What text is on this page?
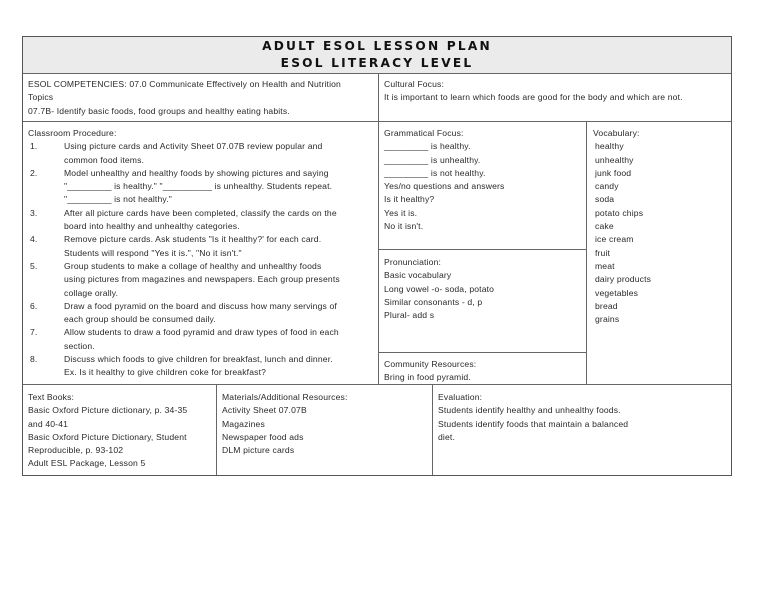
ADULT ESOL LESSON PLAN
ESOL LITERACY LEVEL
ESOL COMPETENCIES: 07.0 Communicate Effectively on Health and Nutrition
Topics
07.7B- Identify basic foods, food groups and healthy eating habits.
Cultural Focus:
It is important to learn which foods are good for the body and which are not.
Classroom Procedure:
1.	Using picture cards and Activity Sheet 07.07B review popular and
common food items.
2.	Model unhealthy and healthy foods by showing pictures and saying
"_________ is healthy." "__________ is unhealthy. Students repeat.
"_________ is not healthy."
3.	After all picture cards have been completed, classify the cards on the
board into healthy and unhealthy categories.
4.	Remove picture cards. Ask students "Is it healthy?' for each card.
Students will respond "Yes it is.", "No it isn't."
5.	Group students to make a collage of healthy and unhealthy foods
using pictures from magazines and newspapers. Each group presents
collage orally.
6.	Draw a food pyramid on the board and discuss how many servings of
each group should be consumed daily.
7.	Allow students to draw a food pyramid and draw types of food in each
section.
8.	Discuss which foods to give children for breakfast, lunch and dinner.
Ex. Is it healthy to give children coke for breakfast?
Grammatical Focus:
_________ is healthy.
_________ is unhealthy.
_________ is not healthy.
Yes/no questions and answers
Is it healthy?
Yes it is.
No it isn't.
Pronunciation:
Basic vocabulary
Long vowel -o- soda, potato
Similar consonants - d, p
Plural- add s
Community Resources:
Bring in food pyramid.
Vocabulary:
healthy
unhealthy
junk food
candy
soda
potato chips
cake
ice cream
fruit
meat
dairy products
vegetables
bread
grains
Text Books:
Basic Oxford Picture dictionary, p. 34-35
and 40-41
Basic Oxford Picture Dictionary, Student
Reproducible, p. 93-102
Adult ESL Package, Lesson 5
Materials/Additional Resources:
Activity Sheet 07.07B
Magazines
Newspaper food ads
DLM picture cards
Evaluation:
Students identify healthy and unhealthy foods.
Students identify foods that maintain a balanced
diet.
